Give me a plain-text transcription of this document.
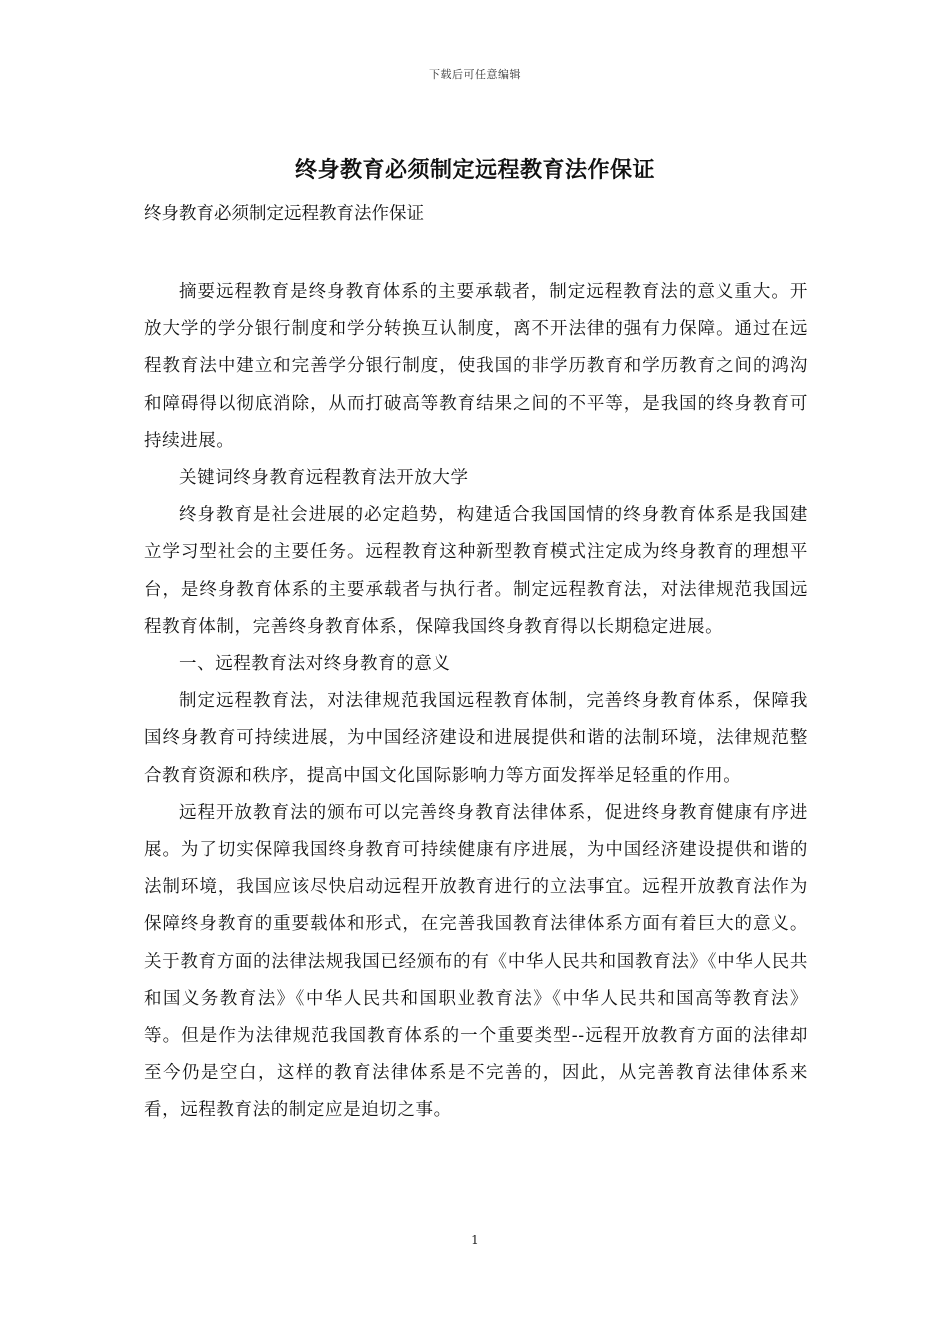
下载后可任意编辑
终身教育必须制定远程教育法作保证
终身教育必须制定远程教育法作保证

摘要远程教育是终身教育体系的主要承载者，制定远程教育法的意义重大。开放大学的学分银行制度和学分转换互认制度，离不开法律的强有力保障。通过在远程教育法中建立和完善学分银行制度，使我国的非学历教育和学历教育之间的鸿沟和障碍得以彻底消除，从而打破高等教育结果之间的不平等，是我国的终身教育可持续进展。

关键词终身教育远程教育法开放大学

终身教育是社会进展的必定趋势，构建适合我国国情的终身教育体系是我国建立学习型社会的主要任务。远程教育这种新型教育模式注定成为终身教育的理想平台，是终身教育体系的主要承载者与执行者。制定远程教育法，对法律规范我国远程教育体制，完善终身教育体系，保障我国终身教育得以长期稳定进展。

一、远程教育法对终身教育的意义

制定远程教育法，对法律规范我国远程教育体制，完善终身教育体系，保障我国终身教育可持续进展，为中国经济建设和进展提供和谐的法制环境，法律规范整合教育资源和秩序，提高中国文化国际影响力等方面发挥举足轻重的作用。

远程开放教育法的颁布可以完善终身教育法律体系，促进终身教育健康有序进展。为了切实保障我国终身教育可持续健康有序进展，为中国经济建设提供和谐的法制环境，我国应该尽快启动远程开放教育进行的立法事宜。远程开放教育法作为保障终身教育的重要载体和形式，在完善我国教育法律体系方面有着巨大的意义。关于教育方面的法律法规我国已经颁布的有《中华人民共和国教育法》《中华人民共和国义务教育法》《中华人民共和国职业教育法》《中华人民共和国高等教育法》等。但是作为法律规范我国教育体系的一个重要类型--远程开放教育方面的法律却至今仍是空白，这样的教育法律体系是不完善的，因此，从完善教育法律体系来看，远程教育法的制定应是迫切之事。

1
